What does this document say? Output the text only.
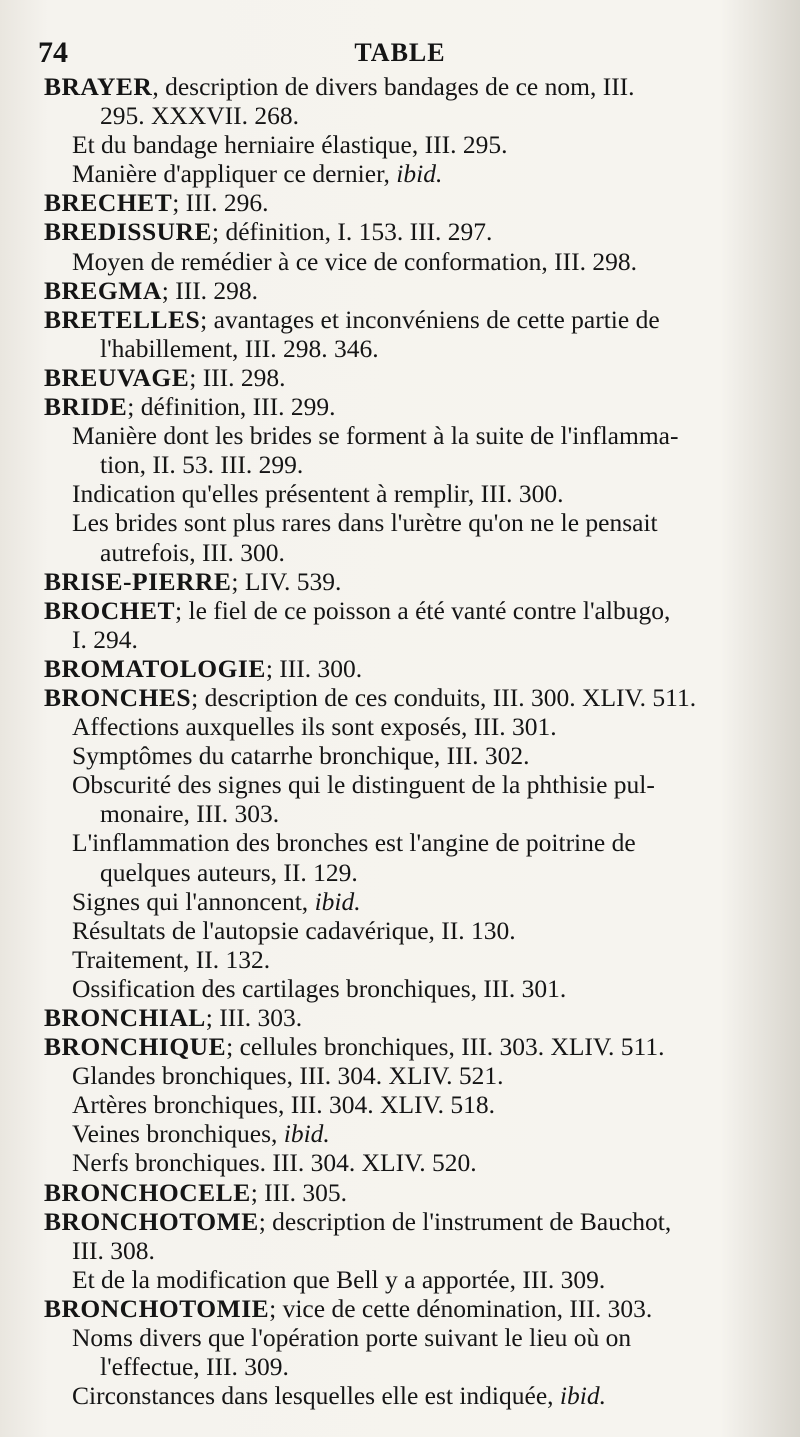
74	TABLE
BRAYER, description de divers bandages de ce nom, III.
295. XXXVII. 268.
Et du bandage herniaire élastique, III. 295.
Manière d'appliquer ce dernier, ibid.
BRECHET; III. 296.
BREDISSURE; définition, I. 153. III. 297.
Moyen de remédier à ce vice de conformation, III. 298.
BREGMA; III. 298.
BRETELLES; avantages et inconvéniens de cette partie de
l'habillement, III. 298. 346.
BREUVAGE; III. 298.
BRIDE; définition, III. 299.
Manière dont les brides se forment à la suite de l'inflamma-
tion, II. 53. III. 299.
Indication qu'elles présentent à remplir, III. 300.
Les brides sont plus rares dans l'urètre qu'on ne le pensait
autrefois, III. 300.
BRISE-PIERRE; LIV. 539.
BROCHET; le fiel de ce poisson a été vanté contre l'albugo,
I. 294.
BROMATOLOGIE; III. 300.
BRONCHES; description de ces conduits, III. 300. XLIV. 511.
Affections auxquelles ils sont exposés, III. 301.
Symptômes du catarrhe bronchique, III. 302.
Obscurité des signes qui le distinguent de la phthisie pul-
monaire, III. 303.
L'inflammation des bronches est l'angine de poitrine de
quelques auteurs, II. 129.
Signes qui l'annoncent, ibid.
Résultats de l'autopsie cadavérique, II. 130.
Traitement, II. 132.
Ossification des cartilages bronchiques, III. 301.
BRONCHIAL; III. 303.
BRONCHIQUE; cellules bronchiques, III. 303. XLIV. 511.
Glandes bronchiques, III. 304. XLIV. 521.
Artères bronchiques, III. 304. XLIV. 518.
Veines bronchiques, ibid.
Nerfs bronchiques. III. 304. XLIV. 520.
BRONCHOCELE; III. 305.
BRONCHOTOME; description de l'instrument de Bauchot,
III. 308.
Et de la modification que Bell y a apportée, III. 309.
BRONCHOTOMIE; vice de cette dénomination, III. 303.
Noms divers que l'opération porte suivant le lieu où on
l'effectue, III. 309.
Circonstances dans lesquelles elle est indiquée, ibid.
